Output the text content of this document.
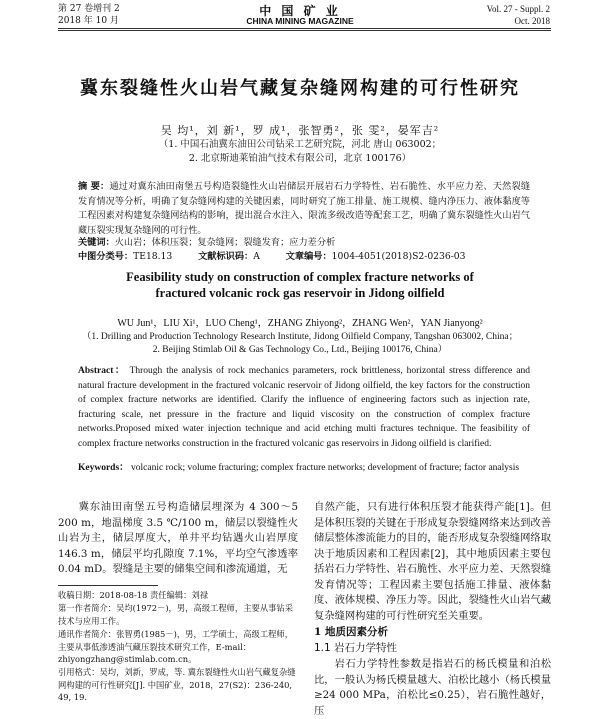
第 27 卷增刊 2
2018 年 10 月
中 国 矿 业
CHINA MINING MAGAZINE
Vol. 27 - Suppl. 2
Oct. 2018
冀东裂缝性火山岩气藏复杂缝网构建的可行性研究
吴 均¹，刘 新¹，罗 成¹，张智勇²，张 雯²，晏军吉²
（1. 中国石油冀东油田公司钻采工艺研究院，河北 唐山 063002；
2. 北京斯迪莱铂油气技术有限公司，北京 100176）
摘 要：通过对冀东油田南堡五号构造裂缝性火山岩储层开展岩石力学特性、岩石脆性、水平应力差、天然裂缝发育情况等分析，明确了复杂缝网构建的关键因素，同时研究了施工排量、施工规模、缝内净压力、液体黏度等工程因素对构建复杂缝网结构的影响，提出混合水注入、限流多级改造等配套工艺，明确了冀东裂缝性火山岩气藏压裂实现复杂缝网的可行性。
关键词：火山岩；体积压裂；复杂缝网；裂缝发育；应力差分析
中图分类号：TE18.13	文献标识码：A	文章编号：1004-4051(2018)S2-0236-03
Feasibility study on construction of complex fracture networks of
fractured volcanic rock gas reservoir in Jidong oilfield
WU Jun¹，LIU Xi¹，LUO Cheng¹，ZHANG Zhiyong²，ZHANG Wen²，YAN Jianyong²
（1. Drilling and Production Technology Research Institute, Jidong Oilfield Company, Tangshan 063002, China；
2. Beijing Stimlab Oil & Gas Technology Co., Ltd., Beijing 100176, China）
Abstract： Through the analysis of rock mechanics parameters, rock brittleness, horizontal stress difference and natural fracture development in the fractured volcanic reservoir of Jidong oilfield, the key factors for the construction of complex fracture networks are identified. Clarify the influence of engineering factors such as injection rate, fracturing scale, net pressure in the fracture and liquid viscosity on the construction of complex fracture networks.Proposed mixed water injection technique and acid etching multi fractures technique. The feasibility of complex fracture networks construction in the fractured volcanic gas reservoirs in Jidong oilfield is clarified.
Keywords： volcanic rock; volume fracturing; complex fracture networks; development of fracture; factor analysis
冀东油田南堡五号构造储层埋深为 4 300～5 200 m，地温梯度 3.5 ℃/100 m，储层以裂缝性火山岩为主，储层厚度大，单井平均钻遇火山岩厚度 146.3 m，储层平均孔隙度 7.1%，平均空气渗透率 0.04 mD。裂缝是主要的储集空间和渗流通道，无
收稿日期：2018-08-18 责任编辑：刘禄
第一作者简介：吴均(1972－)，男，高级工程师，主要从事钻采技术与应用工作。
通讯作者简介：张智勇(1985－)，男，工学硕士，高级工程师，主要从事低渗透油气藏压裂技术研究工作，E-mail：zhiyongzhang@stimlab.com.cn。
引用格式：吴均，刘新，罗成，等. 冀东裂缝性火山岩气藏复杂缝网构建的可行性研究[J]. 中国矿业，2018，27(S2)：236-240, 49, 19.
自然产能，只有进行体积压裂才能获得产能[1]。但是体积压裂的关键在于形成复杂裂缝网络来达到改善储层整体渗流能力的目的，能否形成复杂裂缝网络取决于地质因素和工程因素[2]，其中地质因素主要包括岩石力学特性、岩石脆性、水平应力差、天然裂缝发育情况等；工程因素主要包括施工排量、液体黏度、液体规模、净压力等。因此，裂缝性火山岩气藏复杂缝网构建的可行性研究至关重要。
1 地质因素分析
1.1 岩石力学特性
岩石力学特性参数是指岩石的杨氏模量和泊松比，一般认为杨氏模量越大、泊松比越小（杨氏模量≥24 000 MPa，泊松比≤0.25），岩石脆性越好，压
